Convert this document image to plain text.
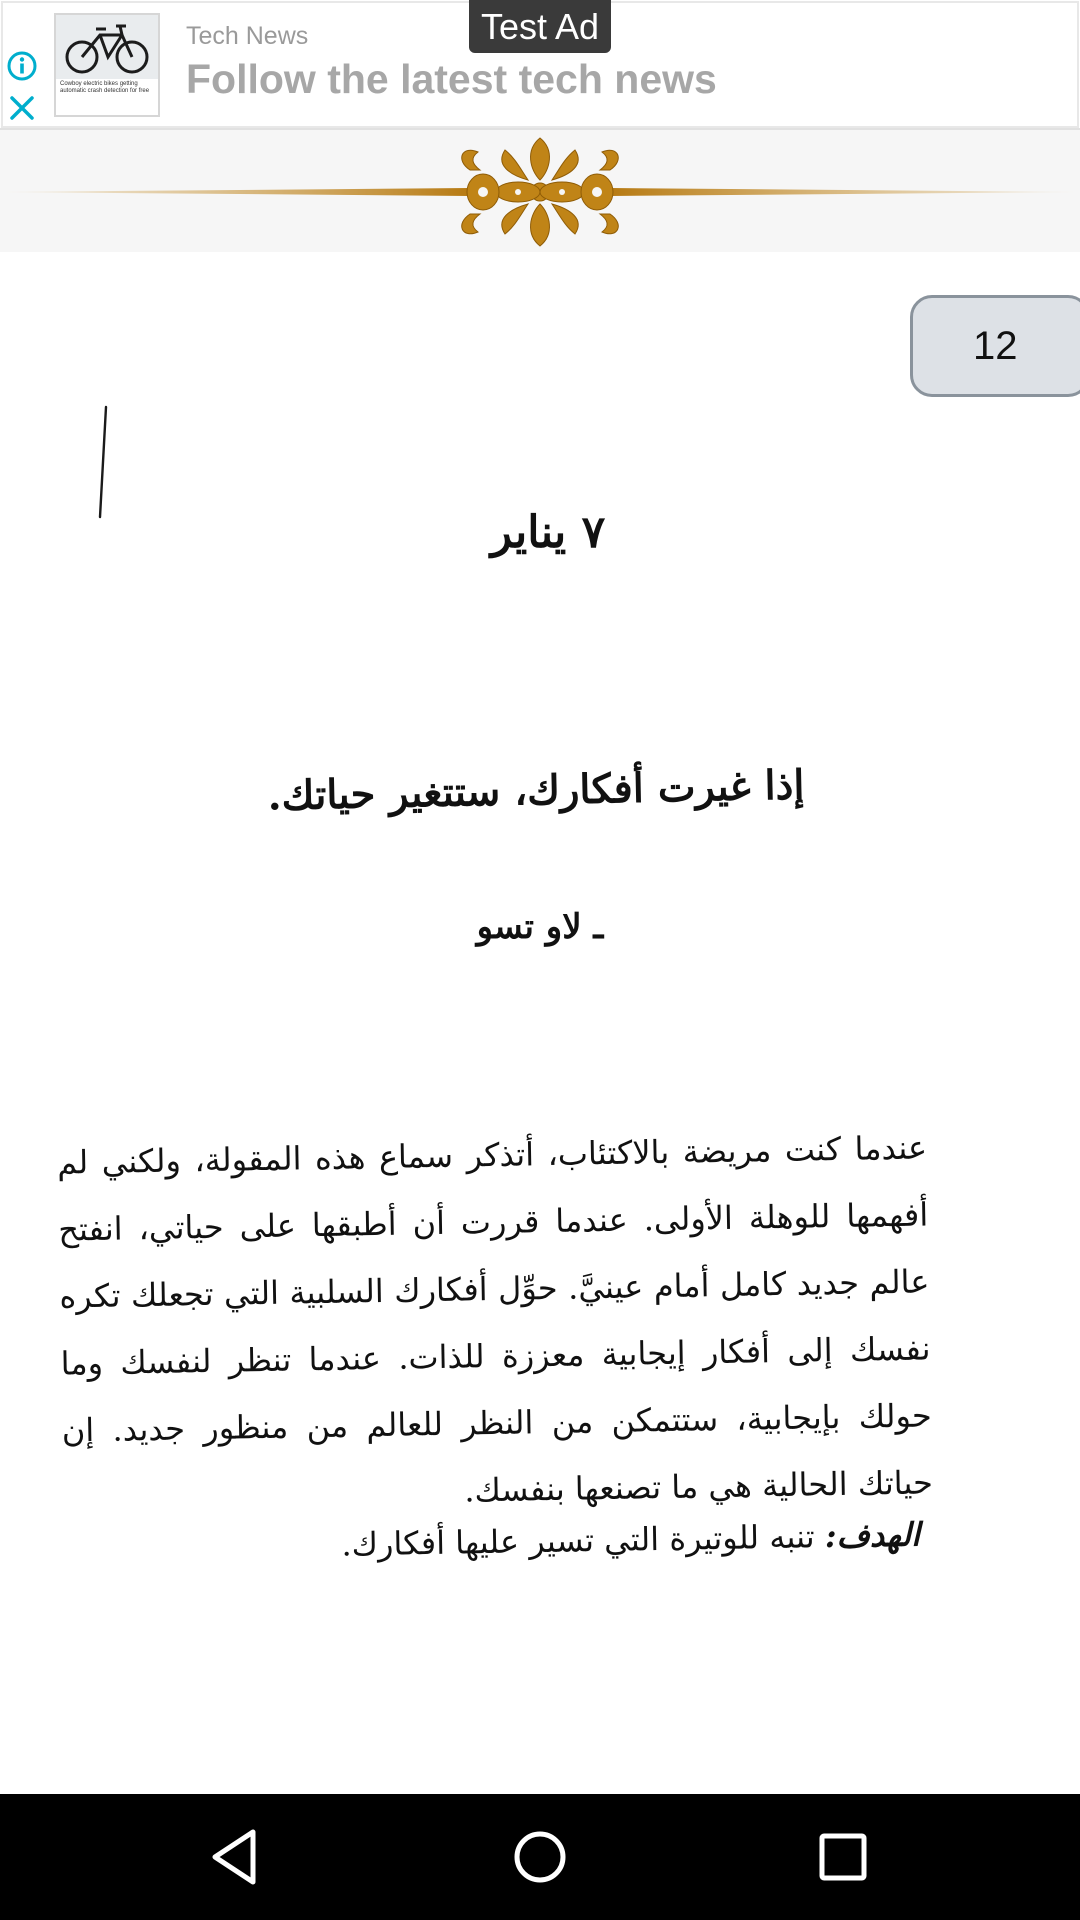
Cowboy electric bikes getting automatic crash detection for free
Tech News
Follow the latest tech news
Test Ad
12
٧ يناير
إذا غيرت أفكارك، ستتغير حياتك.
ـ لاو تسو
عندما كنت مريضة بالاكتئاب، أتذكر سماع هذه المقولة، ولكني لم أفهمها للوهلة الأولى. عندما قررت أن أطبقها على حياتي، انفتح عالم جديد كامل أمام عينيَّ. حوِّل أفكارك السلبية التي تجعلك تكره نفسك إلى أفكار إيجابية معززة للذات. عندما تنظر لنفسك وما حولك بإيجابية، ستتمكن من النظر للعالم من منظور جديد. إن حياتك الحالية هي ما تصنعها بنفسك.
الهدف: تنبه للوتيرة التي تسير عليها أفكارك.
